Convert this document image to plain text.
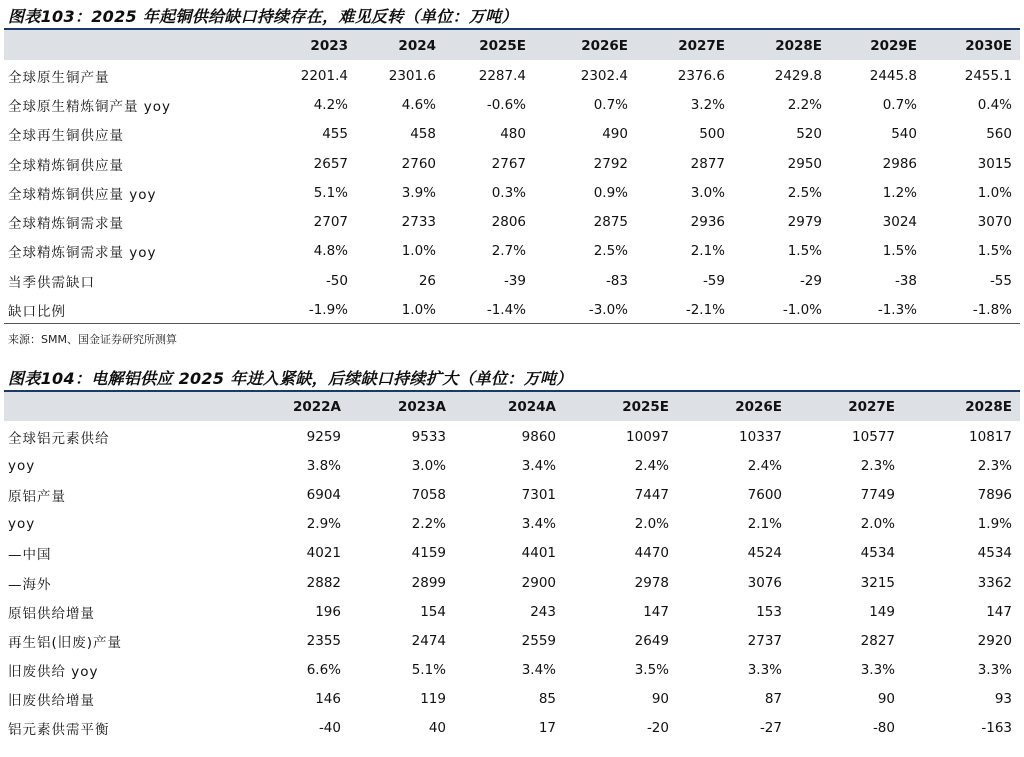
图表103：2025 年起铜供给缺口持续存在，难见反转（单位：万吨）
	2023	2024	2025E	2026E	2027E	2028E	2029E	2030E
全球原生铜产量	2201.4	2301.6	2287.4	2302.4	2376.6	2429.8	2445.8	2455.1
全球原生精炼铜产量 yoy	4.2%	4.6%	-0.6%	0.7%	3.2%	2.2%	0.7%	0.4%
全球再生铜供应量	455	458	480	490	500	520	540	560
全球精炼铜供应量	2657	2760	2767	2792	2877	2950	2986	3015
全球精炼铜供应量 yoy	5.1%	3.9%	0.3%	0.9%	3.0%	2.5%	1.2%	1.0%
全球精炼铜需求量	2707	2733	2806	2875	2936	2979	3024	3070
全球精炼铜需求量 yoy	4.8%	1.0%	2.7%	2.5%	2.1%	1.5%	1.5%	1.5%
当季供需缺口	-50	26	-39	-83	-59	-29	-38	-55
缺口比例	-1.9%	1.0%	-1.4%	-3.0%	-2.1%	-1.0%	-1.3%	-1.8%
来源：SMM、国金证券研究所测算
图表104：电解铝供应 2025 年进入紧缺，后续缺口持续扩大（单位：万吨）
	2022A	2023A	2024A	2025E	2026E	2027E	2028E
全球铝元素供给	9259	9533	9860	10097	10337	10577	10817
yoy	3.8%	3.0%	3.4%	2.4%	2.4%	2.3%	2.3%
原铝产量	6904	7058	7301	7447	7600	7749	7896
yoy	2.9%	2.2%	3.4%	2.0%	2.1%	2.0%	1.9%
—中国	4021	4159	4401	4470	4524	4534	4534
—海外	2882	2899	2900	2978	3076	3215	3362
原铝供给增量	196	154	243	147	153	149	147
再生铝(旧废)产量	2355	2474	2559	2649	2737	2827	2920
旧废供给 yoy	6.6%	5.1%	3.4%	3.5%	3.3%	3.3%	3.3%
旧废供给增量	146	119	85	90	87	90	93
铝元素供需平衡	-40	40	17	-20	-27	-80	-163
